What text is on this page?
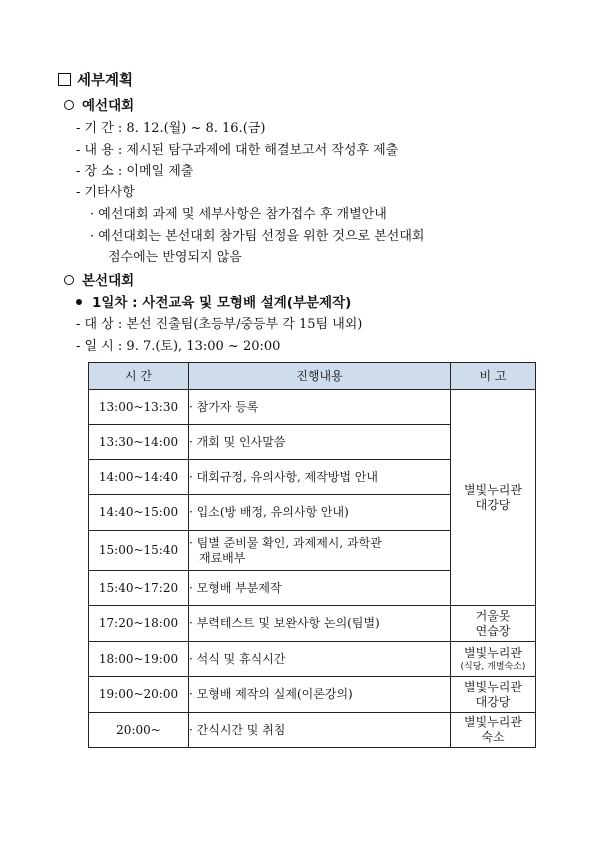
세부계획
예선대회
- 기 간 : 8. 12.(월) ~ 8. 16.(금)
- 내 용 : 제시된 탐구과제에 대한 해결보고서 작성후 제출
- 장 소 : 이메일 제출
- 기타사항
· 예선대회 과제 및 세부사항은 참가접수 후 개별안내
· 예선대회는 본선대회 참가팀 선정을 위한 것으로 본선대회
점수에는 반영되지 않음
본선대회
1일차 : 사전교육 및 모형배 설계(부분제작)
- 대 상 : 본선 진출팀(초등부/중등부 각 15팀 내외)
- 일 시 : 9. 7.(토), 13:00 ~ 20:00
시 간	진행내용	비 고
13:00~13:30	· 참가자 등록	별빛누리관
대강당
13:30~14:00	· 개회 및 인사말씀	
14:00~14:40	· 대회규정, 유의사항, 제작방법 안내	
14:40~15:00	· 입소(방 배정, 유의사항 안내)	
15:00~15:40	· 팀별 준비물 확인, 과제제시, 과학관
재료배부	
15:40~17:20	· 모형배 부분제작	
17:20~18:00	· 부력테스트 및 보완사항 논의(팀별)	거울못
연습장
18:00~19:00	· 석식 및 휴식시간	별빛누리관
(식당, 개별숙소)

19:00~20:00	· 모형배 제작의 실제(이론강의)	별빛누리관
대강당
20:00~	· 간식시간 및 취침	별빛누리관
숙소
